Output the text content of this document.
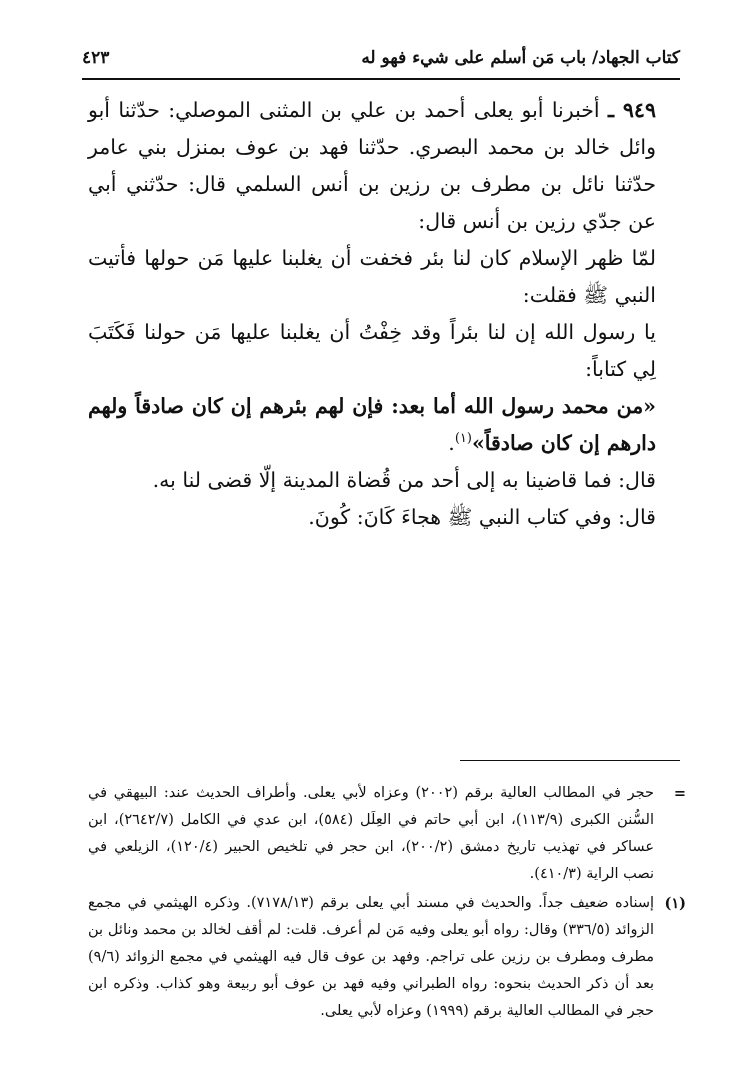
كتاب الجهاد/ باب مَن أسلم على شيء فهو له
٤٢٣

٩٤٩ ـ أخبرنا أبو يعلى أحمد بن علي بن المثنى الموصلي: حدّثنا أبو وائل خالد بن محمد البصري. حدّثنا فهد بن عوف بمنزل بني عامر حدّثنا نائل بن مطرف بن رزين بن أنس السلمي قال: حدّثني أبي عن جدّي رزين بن أنس قال:

لمّا ظهر الإسلام كان لنا بئر فخفت أن يغلبنا عليها مَن حولها فأتيت النبي ﷺ فقلت:

يا رسول الله إن لنا بئراً وقد خِفْتُ أن يغلبنا عليها مَن حولنا فَكَتَبَ لِي كتاباً:

«من محمد رسول الله أما بعد: فإن لهم بئرهم إن كان صادقاً ولهم دارهم إن كان صادقاً»$^{(١)}$.

قال: فما قاضينا به إلى أحد من قُضاة المدينة إلّا قضى لنا به.

قال: وفي كتاب النبي ﷺ هجاءَ كَانَ: كُونَ.

=
حجر في المطالب العالية برقم (٢٠٠٢) وعزاه لأبي يعلى. وأطراف الحديث عند: البيهقي في السُّنن الكبرى (١١٣/٩)، ابن أبي حاتم في العِلَل (٥٨٤)، ابن عدي في الكامل (٢٦٤٢/٧)، ابن عساكر في تهذيب تاريخ دمشق (٢٠٠/٢)، ابن حجر في تلخيص الحبير (١٢٠/٤)، الزيلعي في نصب الراية (٤١٠/٣).

(١)
إسناده ضعيف جداً. والحديث في مسند أبي يعلى برقم (٧١٧٨/١٣). وذكره الهيثمي في مجمع الزوائد (٣٣٦/٥) وقال: رواه أبو يعلى وفيه مَن لم أعرف. قلت: لم أقف لخالد بن محمد ونائل بن مطرف ومطرف بن رزين على تراجم. وفهد بن عوف قال فيه الهيثمي في مجمع الزوائد (٩/٦) بعد أن ذكر الحديث بنحوه: رواه الطبراني وفيه فهد بن عوف أبو ربيعة وهو كذاب. وذكره ابن حجر في المطالب العالية برقم (١٩٩٩) وعزاه لأبي يعلى.
